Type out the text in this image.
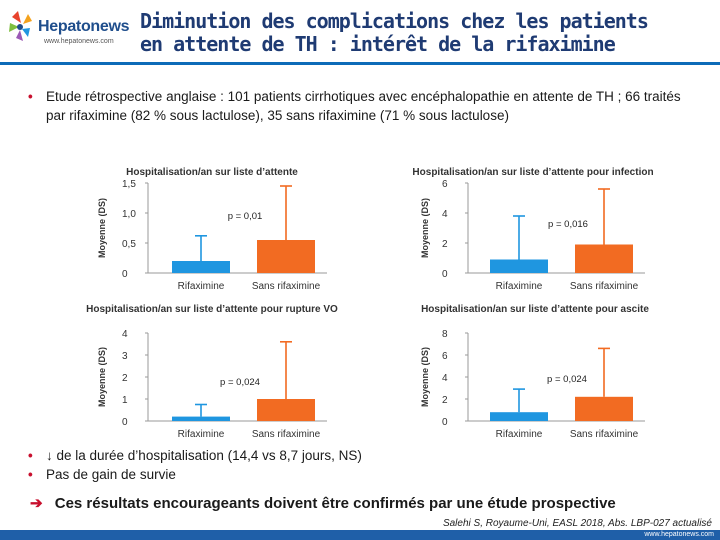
Hepatonews
www.hepatonews.com
Diminution des complications chez les patients
en attente de TH : intérêt de la rifaximine
• Etude rétrospective anglaise : 101 patients cirrhotiques avec encéphalopathie en attente de TH ; 66 traités par rifaximine (82 % sous lactulose), 35 sans rifaximine (71 % sous lactulose)
Hospitalisation/an sur liste d’attente
Moyenne (DS)
0
0,5
1,0
1,5
Rifaximine	Sans rifaximine
p = 0,01
Hospitalisation/an sur liste d’attente pour infection
Moyenne (DS)
0
2
4
6
Rifaximine	Sans rifaximine
p = 0,016
Hospitalisation/an sur liste d’attente pour rupture VO
Moyenne (DS)
0
1
2
3
4
Rifaximine	Sans rifaximine
p = 0,024
Hospitalisation/an sur liste d’attente pour ascite
Moyenne (DS)
0
2
4
6
8
Rifaximine	Sans rifaximine
p = 0,024
• ↓ de la durée d’hospitalisation (14,4 vs 8,7 jours, NS)
• Pas de gain de survie
➔ Ces résultats encourageants doivent être confirmés par une étude prospective
Salehi S, Royaume-Uni, EASL 2018, Abs. LBP-027 actualisé
www.hepatonews.com
